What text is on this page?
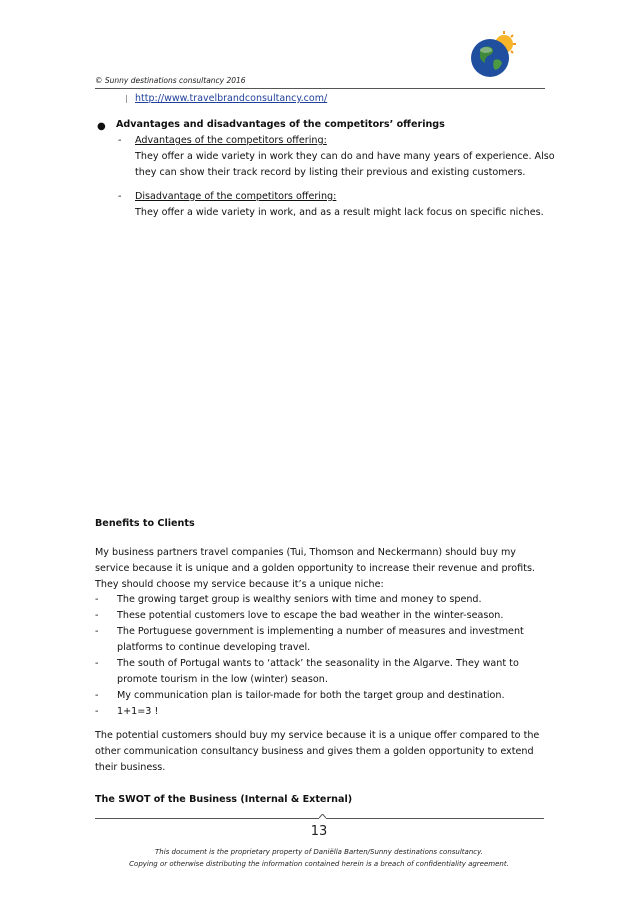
© Sunny destinations consultancy 2016
http://www.travelbrandconsultancy.com/
● Advantages and disadvantages of the competitors’ offerings
- Advantages of the competitors offering:
They offer a wide variety in work they can do and have many years of experience. Also
they can show their track record by listing their previous and existing customers.
- Disadvantage of the competitors offering:
They offer a wide variety in work, and as a result might lack focus on specific niches.
Benefits to Clients
My business partners travel companies (Tui, Thomson and Neckermann) should buy my
service because it is unique and a golden opportunity to increase their revenue and profits.
They should choose my service because it’s a unique niche:
- The growing target group is wealthy seniors with time and money to spend.
- These potential customers love to escape the bad weather in the winter-season.
- The Portuguese government is implementing a number of measures and investment
platforms to continue developing travel.
- The south of Portugal wants to ‘attack’ the seasonality in the Algarve. They want to
promote tourism in the low (winter) season.
- My communication plan is tailor-made for both the target group and destination.
- 1+1=3 !
The potential customers should buy my service because it is a unique offer compared to the
other communication consultancy business and gives them a golden opportunity to extend
their business.
The SWOT of the Business (Internal & External)
13
This document is the proprietary property of Daniëlla Barten/Sunny destinations consultancy.
Copying or otherwise distributing the information contained herein is a breach of confidentiality agreement.
